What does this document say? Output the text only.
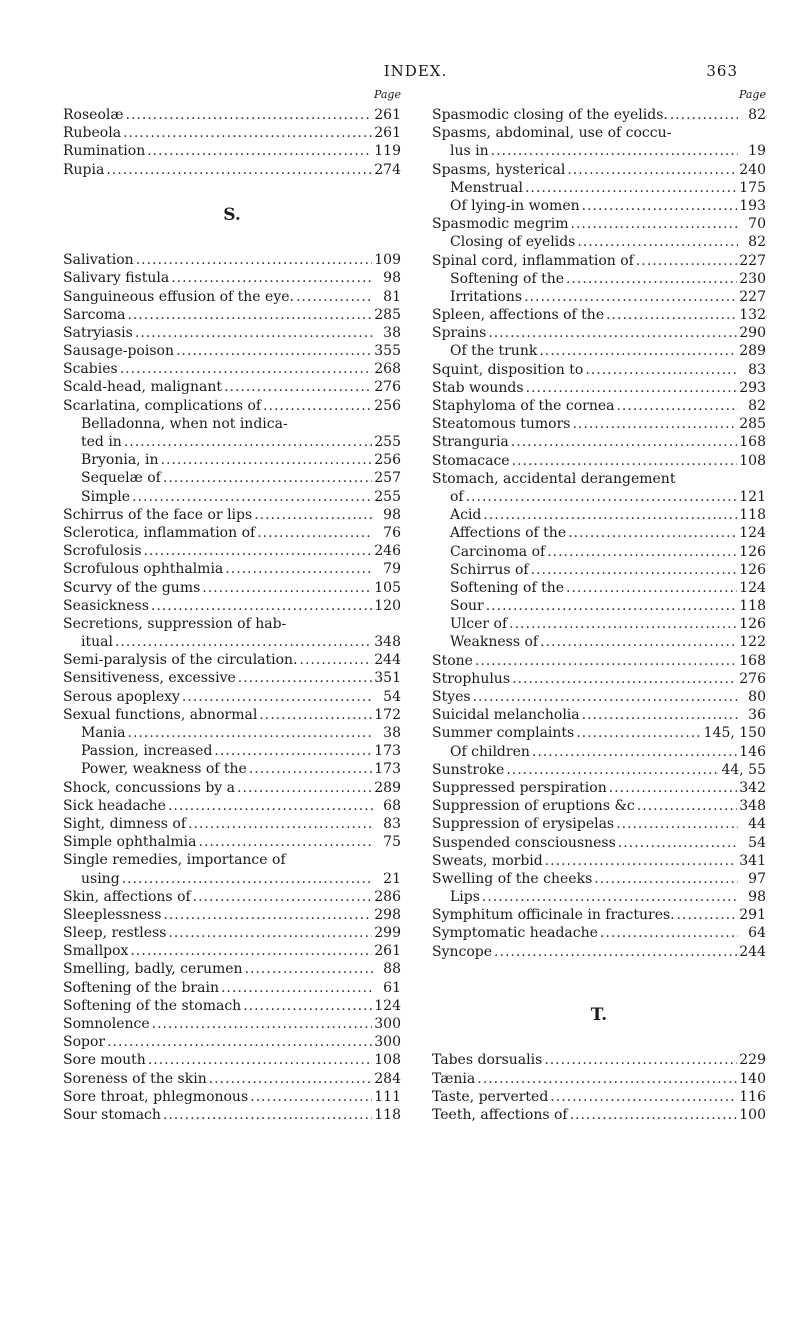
INDEX.	363
Page
Roseolæ .....	261
Rubeola .....	261
Rumination .....	119
Rupia .....	274
S.
Salivation .....	109
Salivary fistula .....	98
Sanguineous effusion of the eye. .....	81
Sarcoma .....	285
Satryiasis .....	38
Sausage-poison .....	355
Scabies .....	268
Scald-head, malignant .....	276
Scarlatina, complications of .....	256
Belladonna, when not indica-
ted in .....	255
Bryonia, in .....	256
Sequelæ of .....	257
Simple .....	255
Schirrus of the face or lips .....	98
Sclerotica, inflammation of .....	76
Scrofulosis .....	246
Scrofulous ophthalmia .....	79
Scurvy of the gums .....	105
Seasickness .....	120
Secretions, suppression of hab-
itual .....	348
Semi-paralysis of the circulation. .....	244
Sensitiveness, excessive .....	351
Serous apoplexy .....	54
Sexual functions, abnormal .....	172
Mania .....	38
Passion, increased .....	173
Power, weakness of the .....	173
Shock, concussions by a .....	289
Sick headache .....	68
Sight, dimness of .....	83
Simple ophthalmia .....	75
Single remedies, importance of
using .....	21
Skin, affections of .....	286
Sleeplessness .....	298
Sleep, restless .....	299
Smallpox .....	261
Smelling, badly, cerumen .....	88
Softening of the brain .....	61
Softening of the stomach .....	124
Somnolence .....	300
Sopor .....	300
Sore mouth .....	108
Soreness of the skin .....	284
Sore throat, phlegmonous .....	111
Sour stomach .....	118
Page
Spasmodic closing of the eyelids. .....	82
Spasms, abdominal, use of coccu-
lus in .....	19
Spasms, hysterical .....	240
Menstrual .....	175
Of lying-in women .....	193
Spasmodic megrim .....	70
Closing of eyelids .....	82
Spinal cord, inflammation of .....	227
Softening of the .....	230
Irritations .....	227
Spleen, affections of the .....	132
Sprains .....	290
Of the trunk .....	289
Squint, disposition to .....	83
Stab wounds .....	293
Staphyloma of the cornea .....	82
Steatomous tumors .....	285
Stranguria .....	168
Stomacace .....	108
Stomach, accidental derangement
of .....	121
Acid .....	118
Affections of the .....	124
Carcinoma of .....	126
Schirrus of .....	126
Softening of the .....	124
Sour .....	118
Ulcer of .....	126
Weakness of .....	122
Stone .....	168
Strophulus .....	276
Styes .....	80
Suicidal melancholia .....	36
Summer complaints .....	145, 150
Of children .....	146
Sunstroke .....	44, 55
Suppressed perspiration .....	342
Suppression of eruptions &c .....	348
Suppression of erysipelas .....	44
Suspended consciousness .....	54
Sweats, morbid .....	341
Swelling of the cheeks .....	97
Lips .....	98
Symphitum officinale in fractures. .....	291
Symptomatic headache .....	64
Syncope .....	244
T.
Tabes dorsualis .....	229
Tænia .....	140
Taste, perverted .....	116
Teeth, affections of .....	100
